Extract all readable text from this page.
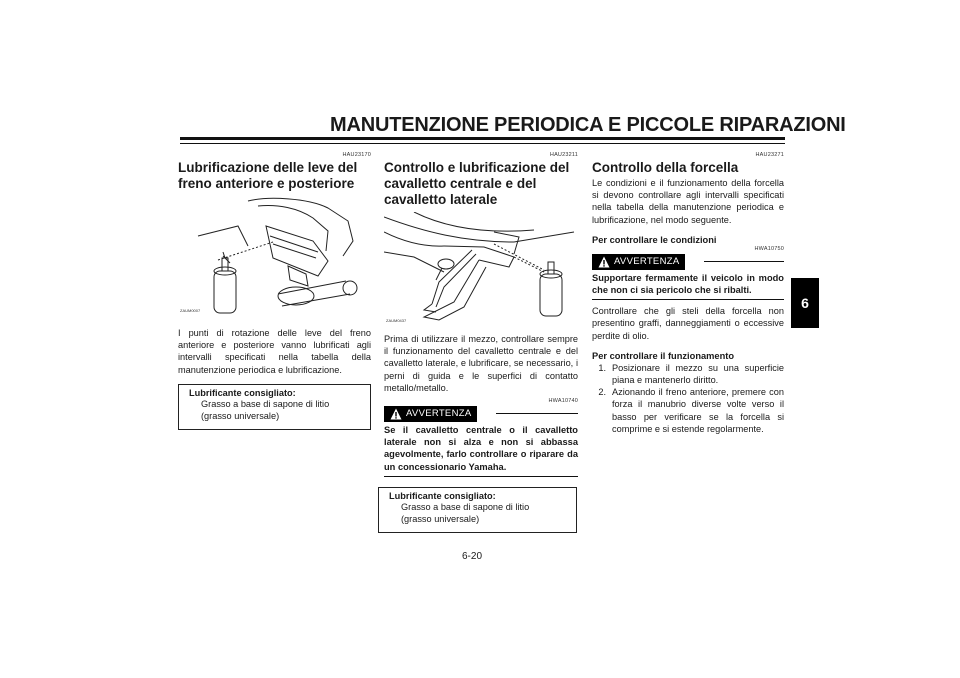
MANUTENZIONE PERIODICA E PICCOLE RIPARAZIONI
HAU23170
Lubrificazione delle leve del freno anteriore e posteriore
ZAUM0007
I punti di rotazione delle leve del freno anteriore e posteriore vanno lubrificati agli intervalli specificati nella tabella della manutenzione periodica e lubrificazione.
Lubrificante consigliato:
Grasso a base di sapone di litio
(grasso universale)
HAU23211
Controllo e lubrificazione del cavalletto centrale e del cavalletto laterale
ZAUM0437
Prima di utilizzare il mezzo, controllare sempre il funzionamento del cavalletto centrale e del cavalletto laterale, e lubrificare, se necessario, i perni di guida e le superfici di contatto metallo/metallo.
HWA10740
AVVERTENZA
Se il cavalletto centrale o il cavalletto laterale non si alza e non si abbassa agevolmente, farlo controllare o riparare da un concessionario Yamaha.
Lubrificante consigliato:
Grasso a base di sapone di litio
(grasso universale)
HAU23271
Controllo della forcella
Le condizioni e il funzionamento della forcella si devono controllare agli intervalli specificati nella tabella della manutenzione periodica e lubrificazione, nel modo seguente.
Per controllare le condizioni
HWA10750
AVVERTENZA
Supportare fermamente il veicolo in modo che non ci sia pericolo che si ribalti.
Controllare che gli steli della forcella non presentino graffi, danneggiamenti o eccessive perdite di olio.
Per controllare il funzionamento
1. Posizionare il mezzo su una superficie piana e mantenerlo diritto.
2. Azionando il freno anteriore, premere con forza il manubrio diverse volte verso il basso per verificare se la forcella si comprime e si estende regolarmente.
6
6-20
